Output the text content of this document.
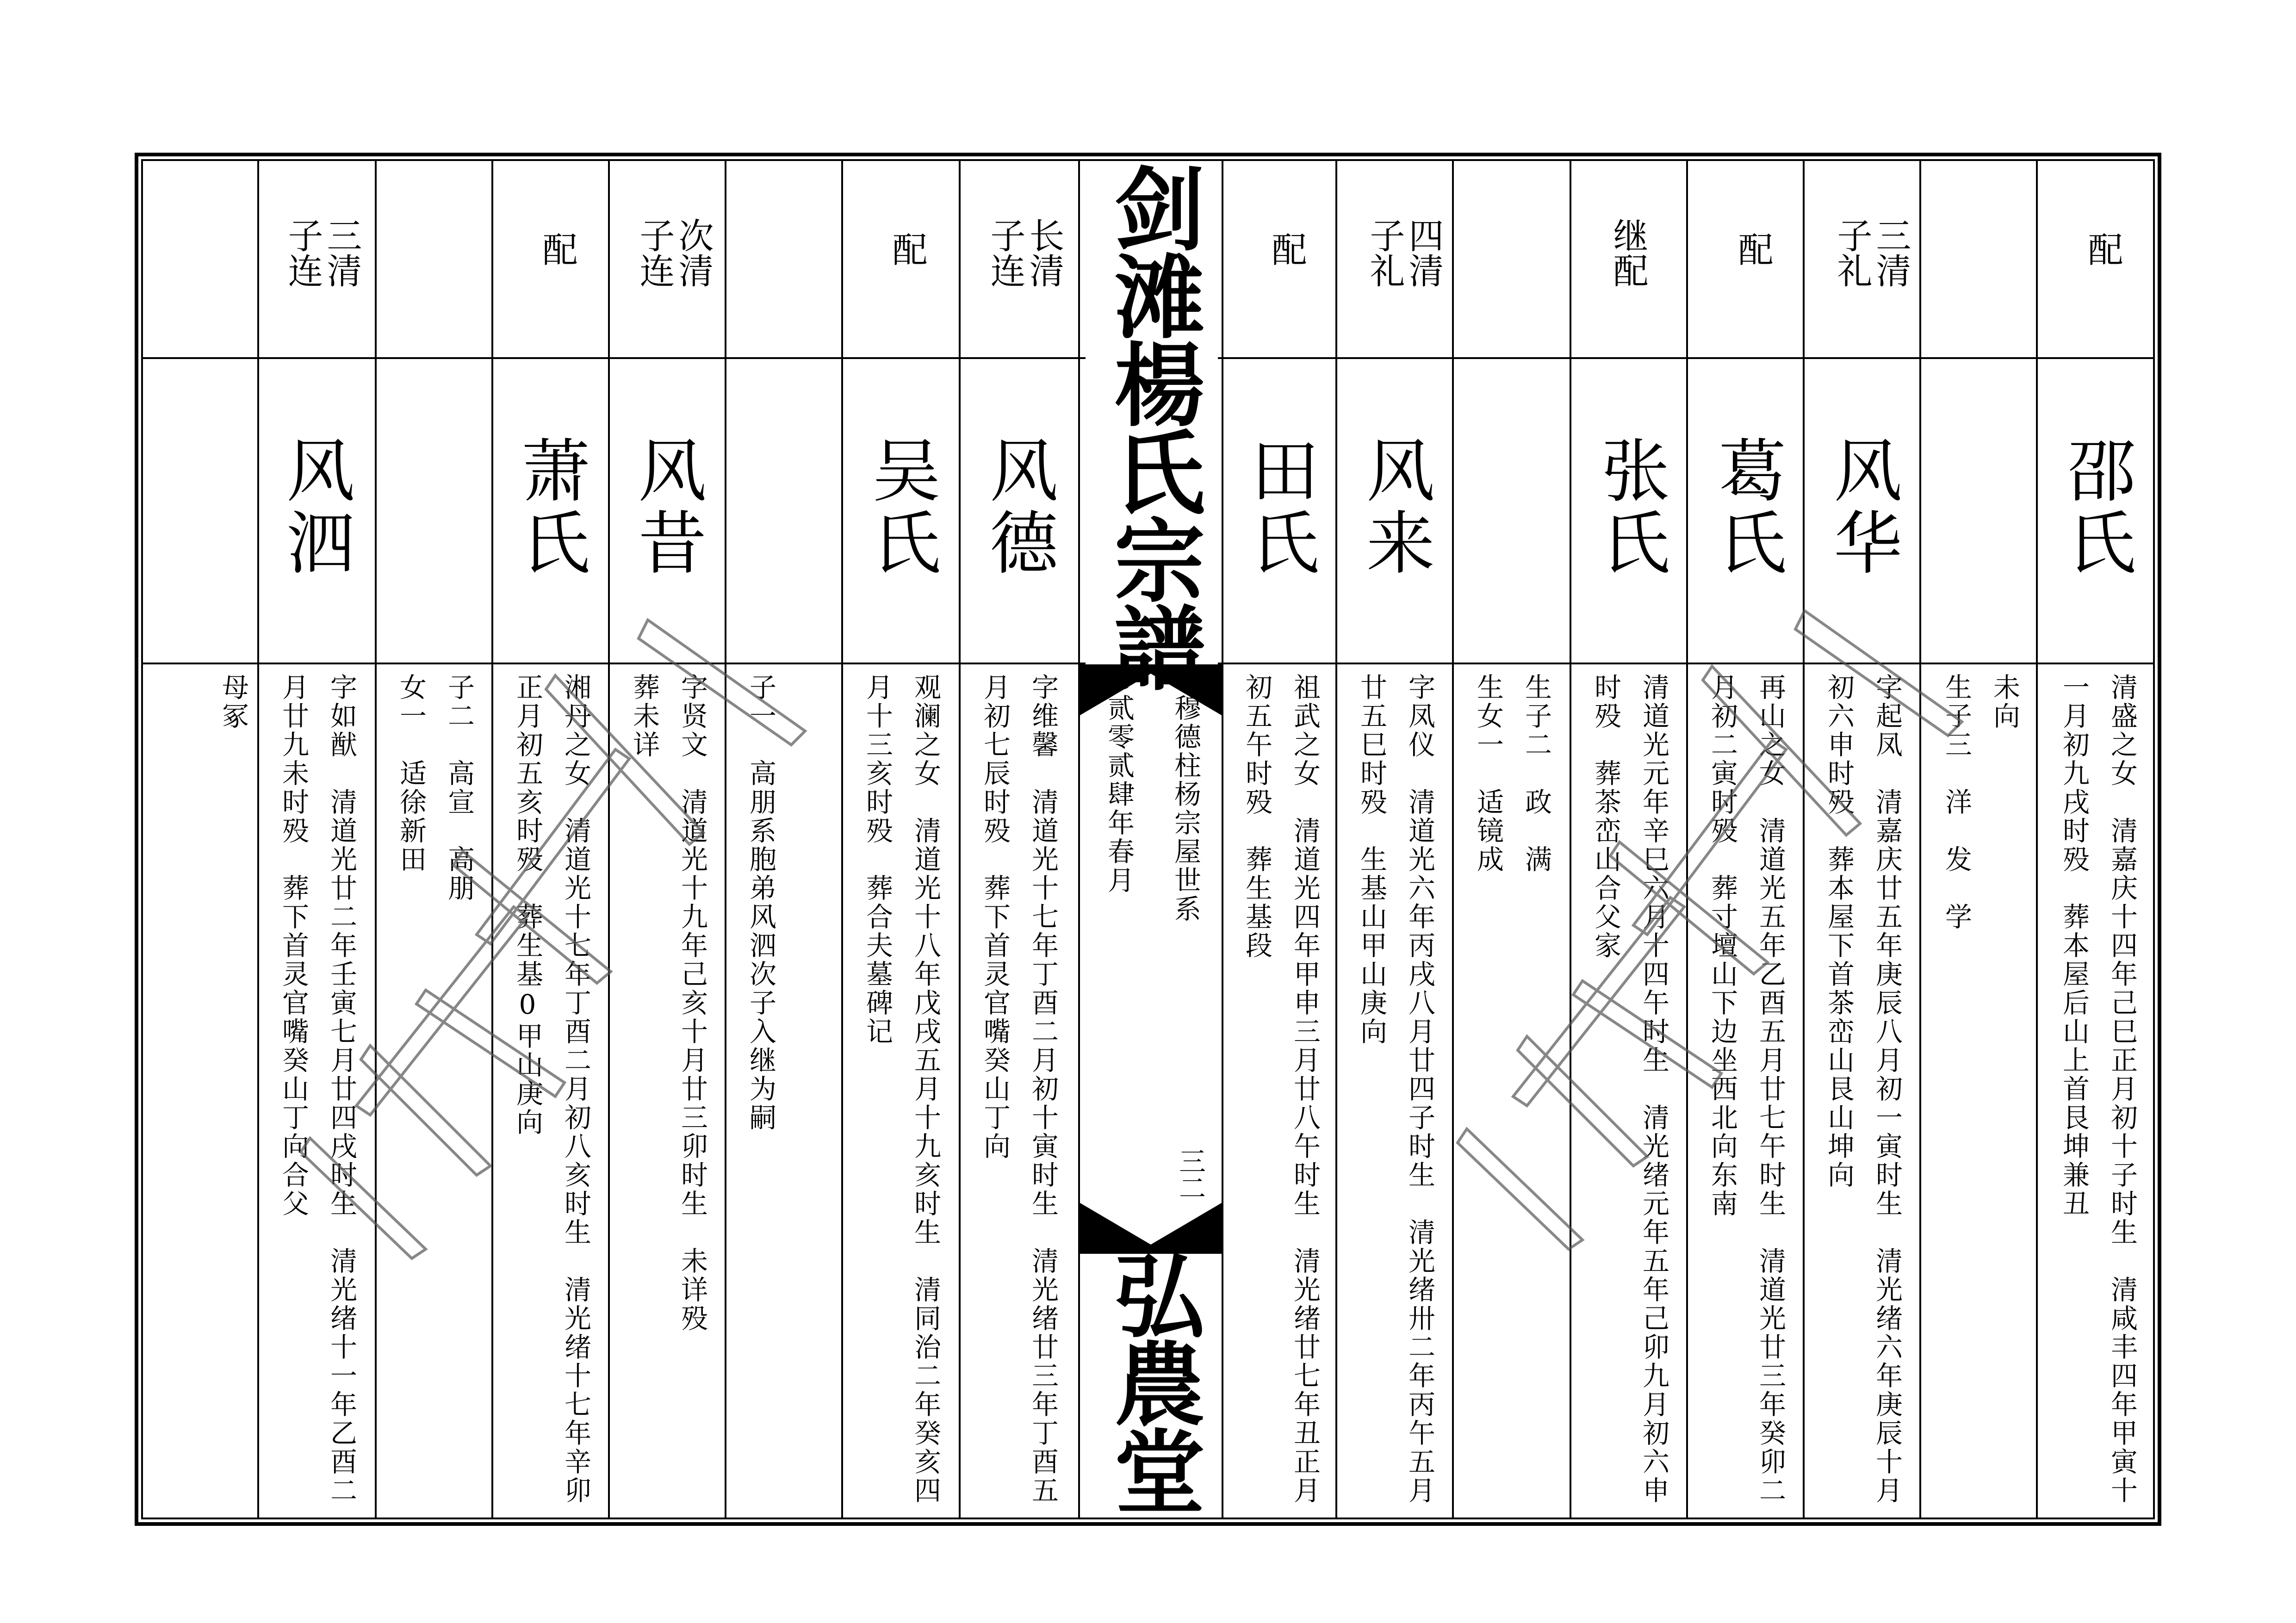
剑滩楊氏宗譜
穆德柱杨宗屋世系
贰零贰肆年春月
三二
弘農堂
配
邵氏
清盛之女　清嘉庆十四年己巳正月初十子时生　清咸丰四年甲寅十一月初九戌时殁　葬本屋后山上首艮坤兼丑
未向
生子三　洋　发　学
三清子礼
风华
字起凤　清嘉庆廿五年庚辰八月初一寅时生　清光绪六年庚辰十月初六申时殁　葬本屋下首茶峦山艮山坤向
配
葛氏
再山之女　清道光五年乙酉五月廿七午时生　清道光廿三年癸卯二月初二寅时殁　葬寸壇山下边坐西北向东南
继配
张氏
清道光元年辛巳六月十四午时生　清光绪元年五年己卯九月初六申时殁　葬茶峦山合父家
生子二　政　满
生女一　适镜成
四清子礼
风来
字凤仪　清道光六年丙戌八月廿四子时生　清光绪卅二年丙午五月廿五巳时殁　生基山甲山庚向
配
田氏
祖武之女　清道光四年甲申三月廿八午时生　清光绪廿七年丑正月初五午时殁　葬生基段
长清子连
风德
字维馨　清道光十七年丁酉二月初十寅时生　清光绪廿三年丁酉五月初七辰时殁　葬下首灵官嘴癸山丁向
配
吴氏
观澜之女　清道光十八年戊戌五月十九亥时生　清同治二年癸亥四月十三亥时殁　葬合夫墓碑记
子一　高朋系胞弟风泗次子入继为嗣
次清子连
风昔
字贤文　清道光十九年己亥十月廿三卯时生　未详殁
葬未详
配
萧氏
湘丹之女　清道光十七年丁酉二月初八亥时生　清光绪十七年辛卯正月初五亥时殁　葬生基0甲山庚向
子二　高宣　高朋
女一　适徐新田
三清子连
风泗
字如猷　清道光廿二年壬寅七月廿四戌时生　清光绪十一年乙酉二月廿九未时殁　葬下首灵官嘴癸山丁向合父
母冢
